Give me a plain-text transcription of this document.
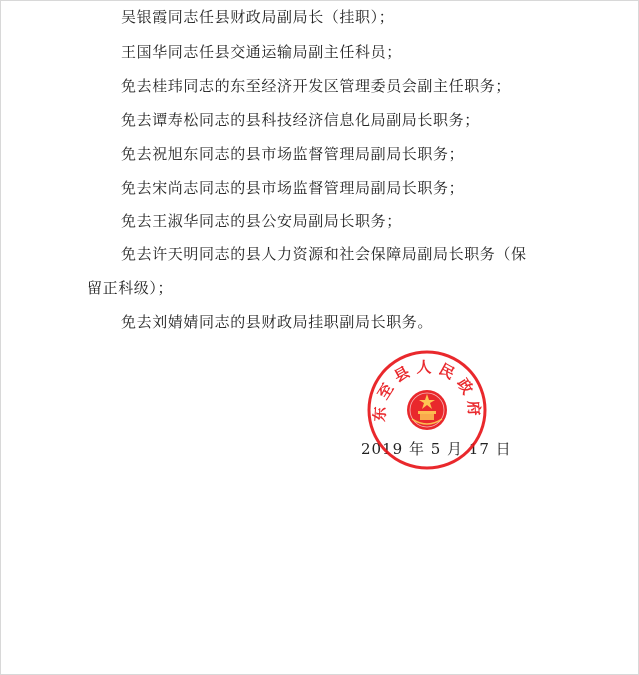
吴银霞同志任县财政局副局长（挂职）；
王国华同志任县交通运输局副主任科员；
免去桂玮同志的东至经济开发区管理委员会副主任职务；
免去谭寿松同志的县科技经济信息化局副局长职务；
免去祝旭东同志的县市场监督管理局副局长职务；
免去宋尚志同志的县市场监督管理局副局长职务；
免去王淑华同志的县公安局副局长职务；
免去许天明同志的县人力资源和社会保障局副局长职务（保
留正科级）；
免去刘婧婧同志的县财政局挂职副局长职务。
2019 年 5 月 17 日
东至县人民政府
